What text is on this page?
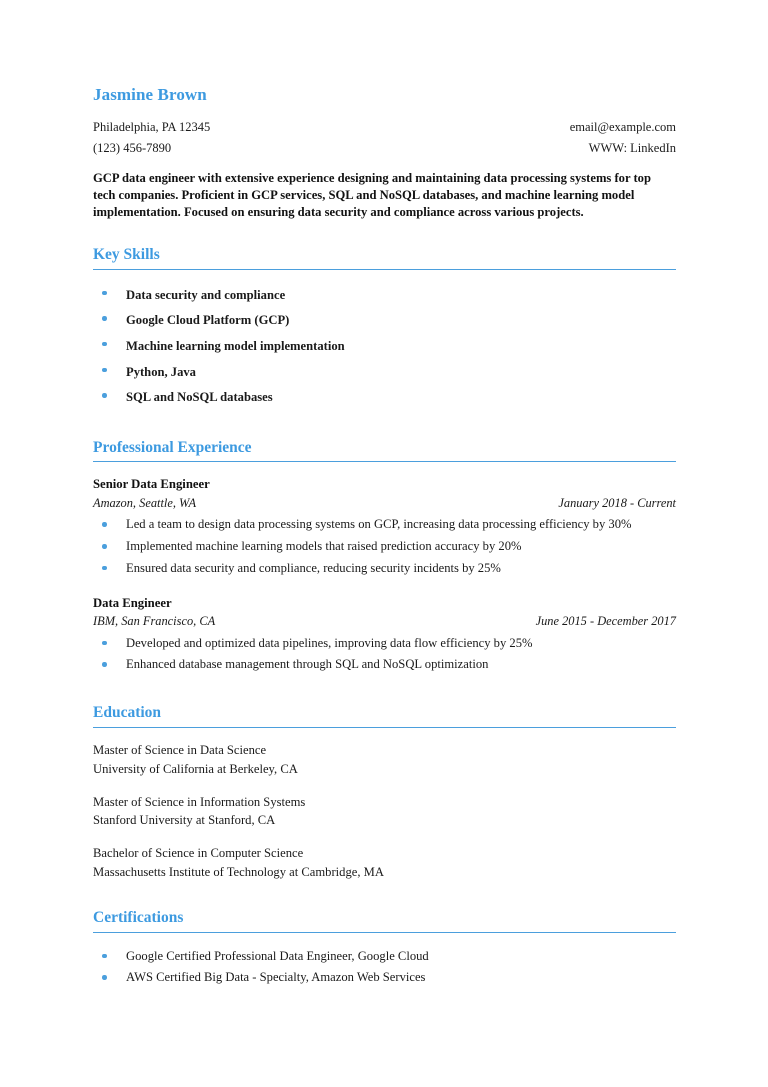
Jasmine Brown
Philadelphia, PA 12345	email@example.com
(123) 456-7890	WWW: LinkedIn

GCP data engineer with extensive experience designing and maintaining data processing systems for top tech companies. Proficient in GCP services, SQL and NoSQL databases, and machine learning model implementation. Focused on ensuring data security and compliance across various projects.

Key Skills
Data security and compliance
Google Cloud Platform (GCP)
Machine learning model implementation
Python, Java
SQL and NoSQL databases
Professional Experience
Senior Data Engineer
Amazon, Seattle, WA	January 2018 - Current
Led a team to design data processing systems on GCP, increasing data processing efficiency by 30%
Implemented machine learning models that raised prediction accuracy by 20%
Ensured data security and compliance, reducing security incidents by 25%
Data Engineer
IBM, San Francisco, CA	June 2015 - December 2017
Developed and optimized data pipelines, improving data flow efficiency by 25%
Enhanced database management through SQL and NoSQL optimization
Education
Master of Science in Data Science
University of California at Berkeley, CA
Master of Science in Information Systems
Stanford University at Stanford, CA
Bachelor of Science in Computer Science
Massachusetts Institute of Technology at Cambridge, MA
Certifications
Google Certified Professional Data Engineer, Google Cloud
AWS Certified Big Data - Specialty, Amazon Web Services
